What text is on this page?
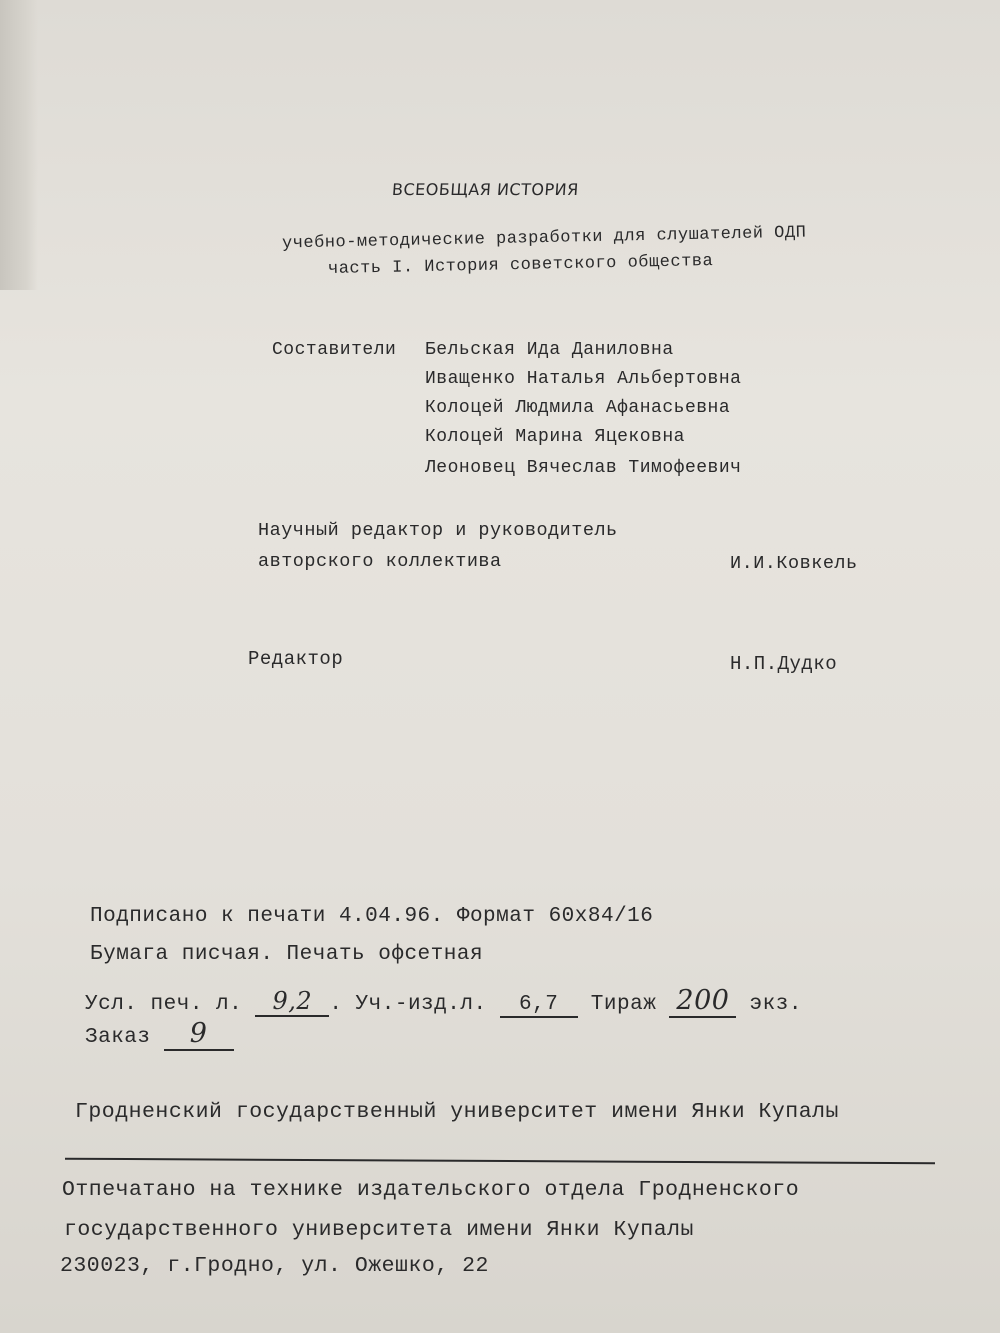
ВСЕОБЩАЯ ИСТОРИЯ
учебно-методические разработки для слушателей ОДП
часть I. История советского общества
Составители Бельская Ида Даниловна
Иващенко Наталья Альбертовна
Колоцей Людмила Афанасьевна
Колоцей Марина Яцековна
Леоновец Вячеслав Тимофеевич
Научный редактор и руководитель
авторского коллектива	И.И.Ковкель
Редактор	Н.П.Дудко
Подписано к печати 4.04.96. Формат 60х84/16
Бумага писчая. Печать офсетная
Усл. печ. л. 9,2 . Уч.-изд.л. 6,7 Тираж 200 экз.
Заказ 9
Гродненский государственный университет имени Янки Купалы
Отпечатано на технике издательского отдела Гродненского
государственного университета имени Янки Купалы
230023, г.Гродно, ул. Ожешко, 22
